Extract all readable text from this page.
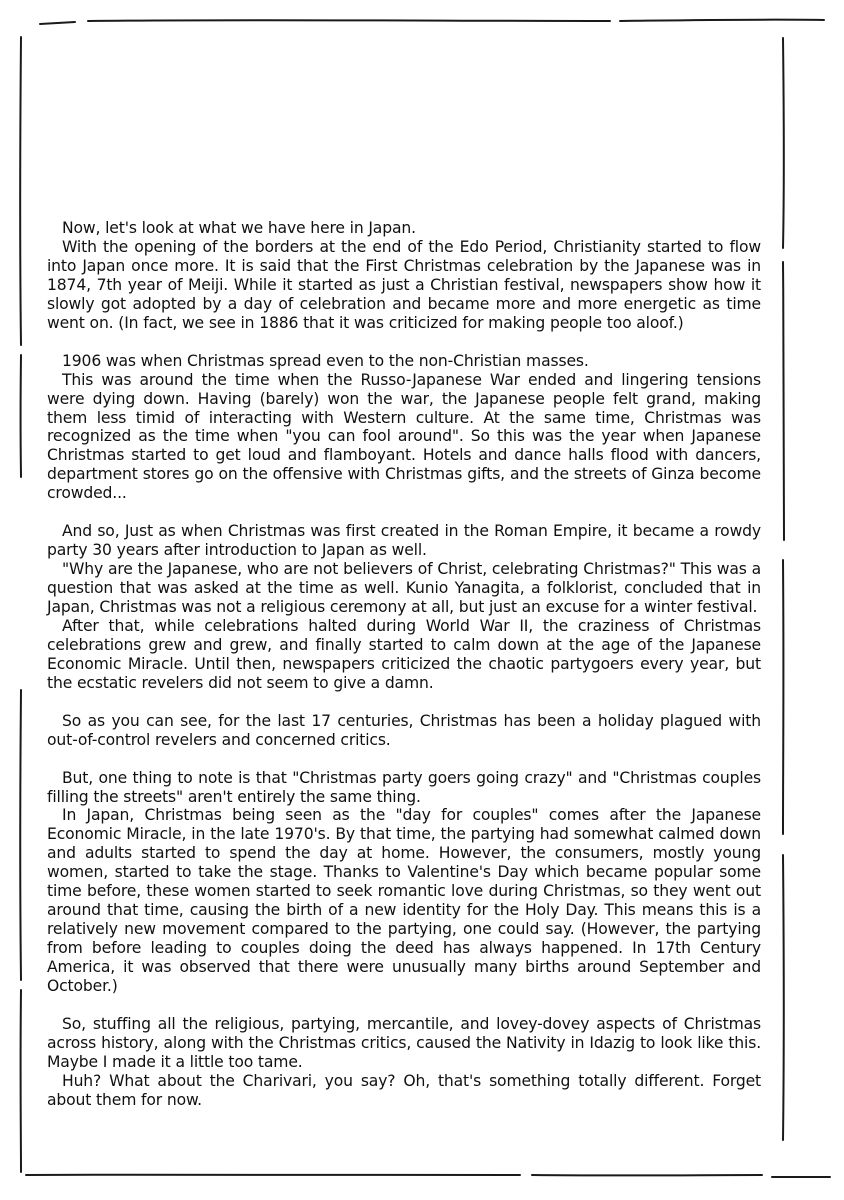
Now, let's look at what we have here in Japan.

With the opening of the borders at the end of the Edo Period, Christianity started to flow into Japan once more. It is said that the First Christmas celebration by the Japanese was in 1874, 7th year of Meiji. While it started as just a Christian festival, newspapers show how it slowly got adopted by a day of celebration and became more and more energetic as time went on. (In fact, we see in 1886 that it was criticized for making people too aloof.)

1906 was when Christmas spread even to the non-Christian masses.

This was around the time when the Russo-Japanese War ended and lingering tensions were dying down. Having (barely) won the war, the Japanese people felt grand, making them less timid of interacting with Western culture. At the same time, Christmas was recognized as the time when "you can fool around". So this was the year when Japanese Christmas started to get loud and flamboyant. Hotels and dance halls flood with dancers, department stores go on the offensive with Christmas gifts, and the streets of Ginza become crowded...

And so, Just as when Christmas was first created in the Roman Empire, it became a rowdy party 30 years after introduction to Japan as well.

"Why are the Japanese, who are not believers of Christ, celebrating Christmas?" This was a question that was asked at the time as well. Kunio Yanagita, a folklorist, concluded that in Japan, Christmas was not a religious ceremony at all, but just an excuse for a winter festival.

After that, while celebrations halted during World War II, the craziness of Christmas celebrations grew and grew, and finally started to calm down at the age of the Japanese Economic Miracle. Until then, newspapers criticized the chaotic partygoers every year, but the ecstatic revelers did not seem to give a damn.

So as you can see, for the last 17 centuries, Christmas has been a holiday plagued with out-of-control revelers and concerned critics.

But, one thing to note is that "Christmas party goers going crazy" and "Christmas couples filling the streets" aren't entirely the same thing.

In Japan, Christmas being seen as the "day for couples" comes after the Japanese Economic Miracle, in the late 1970's. By that time, the partying had somewhat calmed down and adults started to spend the day at home. However, the consumers, mostly young women, started to take the stage. Thanks to Valentine's Day which became popular some time before, these women started to seek romantic love during Christmas, so they went out around that time, causing the birth of a new identity for the Holy Day. This means this is a relatively new movement compared to the partying, one could say. (However, the partying from before leading to couples doing the deed has always happened. In 17th Century America, it was observed that there were unusually many births around September and October.)

So, stuffing all the religious, partying, mercantile, and lovey-dovey aspects of Christmas across history, along with the Christmas critics, caused the Nativity in Idazig to look like this. Maybe I made it a little too tame.

Huh? What about the Charivari, you say? Oh, that's something totally different. Forget about them for now.
